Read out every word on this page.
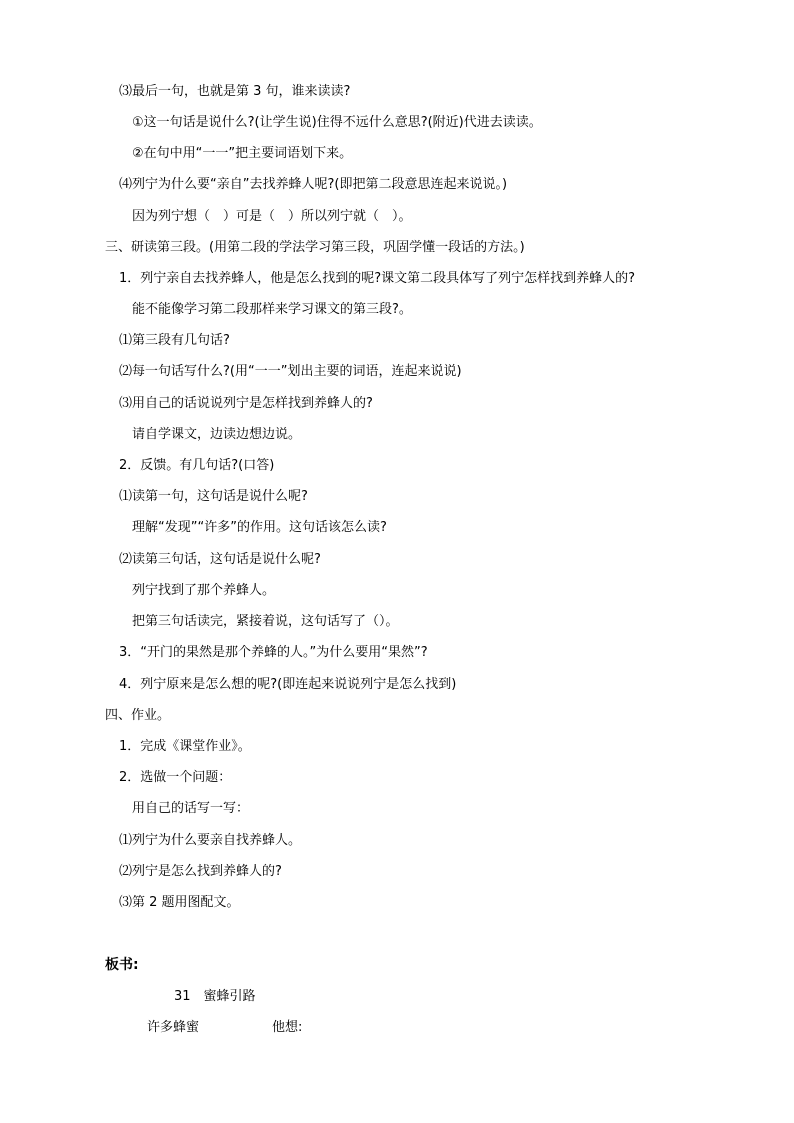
⑶最后一句，也就是第 3 句，谁来读读?
①这一句话是说什么?(让学生说)住得不远什么意思?(附近)代进去读读。
②在句中用“一一”把主要词语划下来。
⑷列宁为什么要“亲自”去找养蜂人呢?(即把第二段意思连起来说说。)
因为列宁想（　）可是（　）所以列宁就（　）。
三、研读第三段。(用第二段的学法学习第三段，巩固学懂一段话的方法。)
1．列宁亲自去找养蜂人，他是怎么找到的呢?课文第二段具体写了列宁怎样找到养蜂人的?
能不能像学习第二段那样来学习课文的第三段?。
⑴第三段有几句话?
⑵每一句话写什么?(用“一一”划出主要的词语，连起来说说)
⑶用自己的话说说列宁是怎样找到养蜂人的?
请自学课文，边读边想边说。
2．反馈。有几句话?(口答)
⑴读第一句，这句话是说什么呢?
理解“发现”“许多”的作用。这句话该怎么读?
⑵读第三句话，这句话是说什么呢?
列宁找到了那个养蜂人。
把第三句话读完，紧接着说，这句话写了（）。
3．“开门的果然是那个养蜂的人。”为什么要用“果然”?
4．列宁原来是怎么想的呢?(即连起来说说列宁是怎么找到)
四、作业。
1．完成《课堂作业》。
2．选做一个问题：
用自己的话写一写：
⑴列宁为什么要亲自找养蜂人。
⑵列宁是怎么找到养蜂人的?
⑶第 2 题用图配文。
板书:
31　蜜蜂引路
许多蜂蜜	他想:
